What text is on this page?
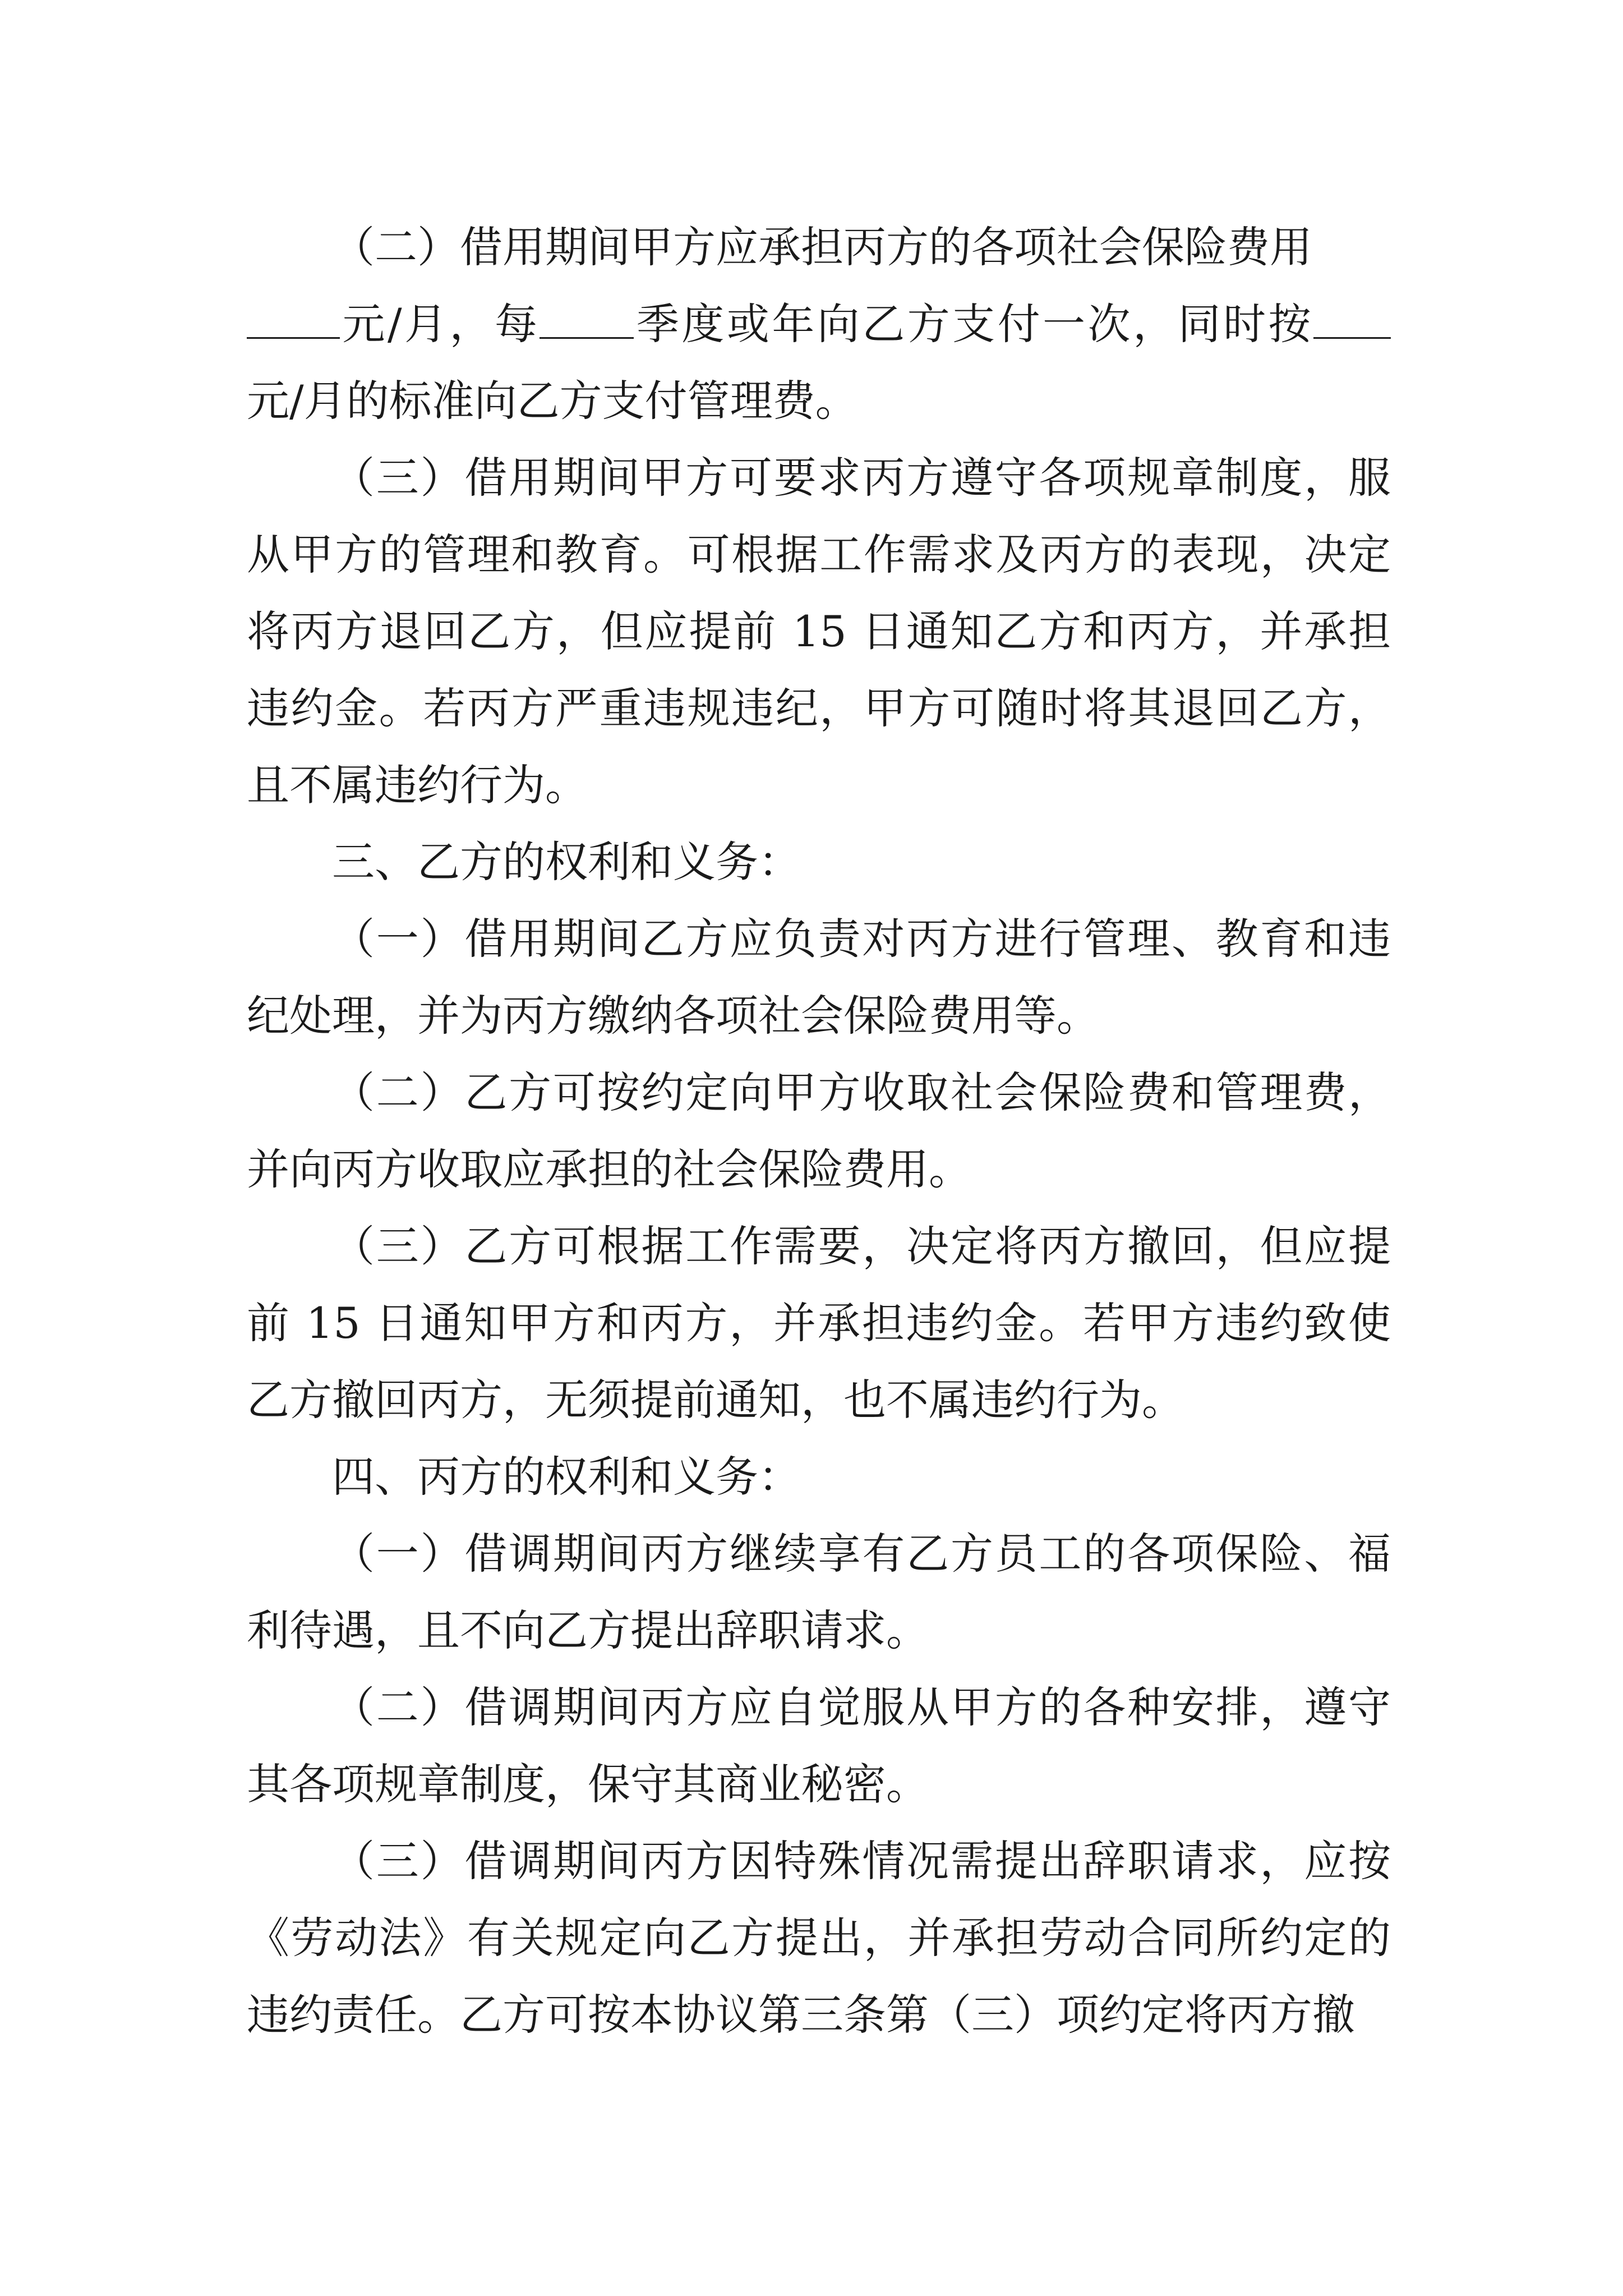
（二）借用期间甲方应承担丙方的各项社会保险费用
元/月，每 季度或年向乙方支付一次，同时按元/月的标准向乙方支付管理费。

（三）借用期间甲方可要求丙方遵守各项规章制度，服从甲方的管理和教育。可根据工作需求及丙方的表现，决定将丙方退回乙方，但应提前 15 日通知乙方和丙方，并承担违约金。若丙方严重违规违纪，甲方可随时将其退回乙方，且不属违约行为。

三、乙方的权利和义务：

（一）借用期间乙方应负责对丙方进行管理、教育和违纪处理，并为丙方缴纳各项社会保险费用等。

（二）乙方可按约定向甲方收取社会保险费和管理费，并向丙方收取应承担的社会保险费用。

（三）乙方可根据工作需要，决定将丙方撤回，但应提前 15 日通知甲方和丙方，并承担违约金。若甲方违约致使乙方撤回丙方，无须提前通知，也不属违约行为。

四、丙方的权利和义务：

（一）借调期间丙方继续享有乙方员工的各项保险、福利待遇，且不向乙方提出辞职请求。

（二）借调期间丙方应自觉服从甲方的各种安排，遵守其各项规章制度，保守其商业秘密。

（三）借调期间丙方因特殊情况需提出辞职请求，应按《劳动法》有关规定向乙方提出，并承担劳动合同所约定的违约责任。乙方可按本协议第三条第（三）项约定将丙方撤
